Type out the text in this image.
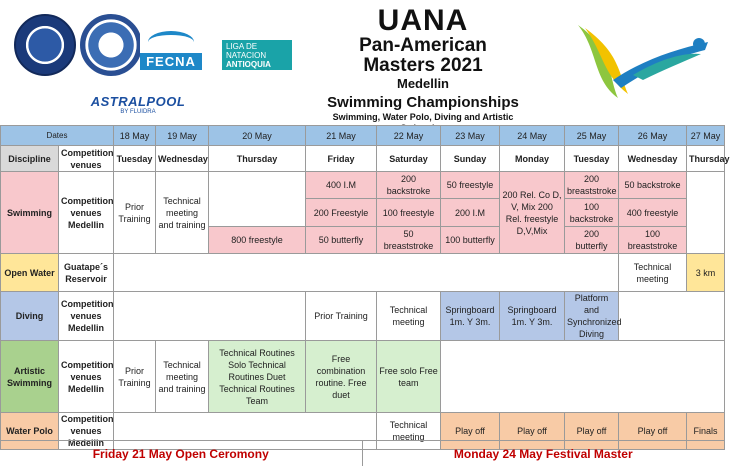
FECNA
LIGA DE
NATACION
ANTIOQUIA
ASTRALPOOL
BY FLUIDRA
UANA
Pan-American
Masters 2021
Medellin
Swimming Championships
Swimming, Water Polo, Diving and Artistic
Dates		18 May	19 May	20 May	21 May	22 May	23 May	24 May	25 May	26 May	27 May
Discipline	Competition venues	Tuesday	Wednesday	Thursday	Friday	Saturday	Sunday	Monday	Tuesday	Wednesday	Thursday
Swimming	Competition venues Medellin	Prior Training	Technical meeting and training		400 I.M	200 backstroke	50 freestyle	200 Rel. Co D, V, Mix 200 Rel. freestyle D,V,Mix	200 breaststroke	50 backstroke	
					200 Freestyle	100 freestyle	200 I.M		100 backstroke	400 freestyle	
				800 freestyle	50 butterfly	50 breaststroke	100 butterfly		200 butterfly	100 breaststroke	
Open Water	Guatape´s Reservoir									Technical meeting	3 km
Diving	Competition venues Medellin				Prior Training	Technical meeting	Springboard 1m. Y 3m.	Springboard 1m. Y 3m.	Platform and Synchronized Diving		
Artistic Swimming	Competition venues Medellin	Prior Training	Technical meeting and training	Technical Routines Solo Technical Routines Duet Technical Routines Team	Free combination routine. Free duet	Free solo Free team					
Water Polo	Competition venues Medellin					Technical meeting	Play off	Play off	Play off	Play off	Finals
Friday 21 May Open Ceromony	Monday 24 May Festival Master
